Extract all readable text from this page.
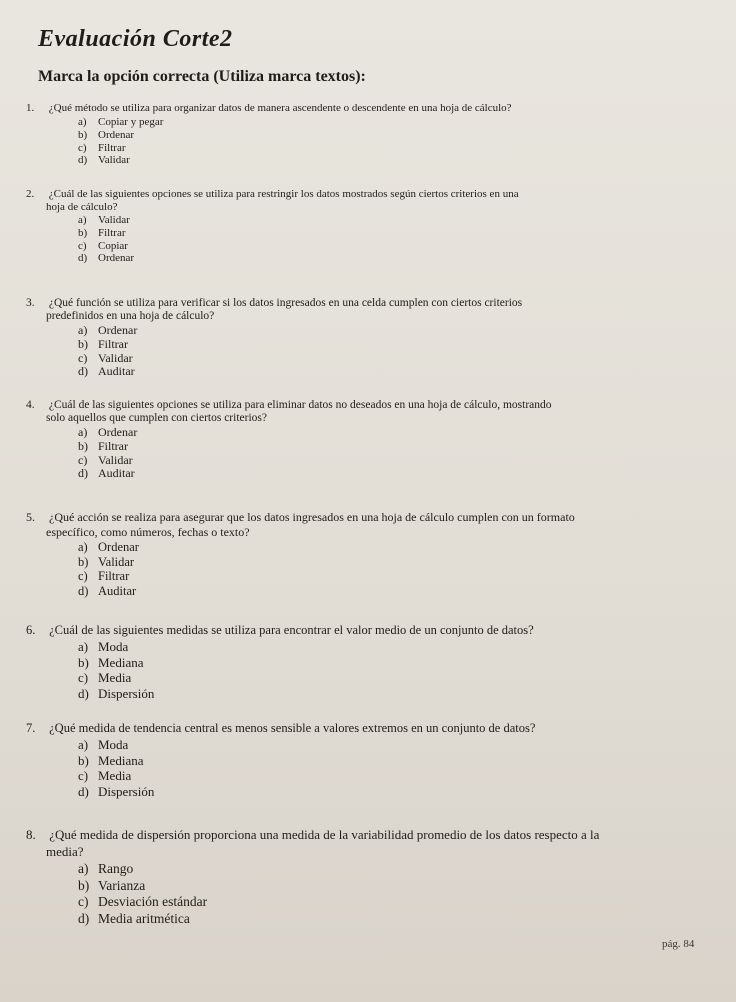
Evaluación Corte2
Marca la opción correcta (Utiliza marca textos):
1. ¿Qué método se utiliza para organizar datos de manera ascendente o descendente en una hoja de cálculo?
a) Copiar y pegar
b) Ordenar
c) Filtrar
d) Validar
2. ¿Cuál de las siguientes opciones se utiliza para restringir los datos mostrados según ciertos criterios en una
hoja de cálculo?
a) Validar
b) Filtrar
c) Copiar
d) Ordenar
3. ¿Qué función se utiliza para verificar si los datos ingresados en una celda cumplen con ciertos criterios
predefinidos en una hoja de cálculo?
a) Ordenar
b) Filtrar
c) Validar
d) Auditar
4. ¿Cuál de las siguientes opciones se utiliza para eliminar datos no deseados en una hoja de cálculo, mostrando
solo aquellos que cumplen con ciertos criterios?
a) Ordenar
b) Filtrar
c) Validar
d) Auditar
5. ¿Qué acción se realiza para asegurar que los datos ingresados en una hoja de cálculo cumplen con un formato
específico, como números, fechas o texto?
a) Ordenar
b) Validar
c) Filtrar
d) Auditar
6. ¿Cuál de las siguientes medidas se utiliza para encontrar el valor medio de un conjunto de datos?
a) Moda
b) Mediana
c) Media
d) Dispersión
7. ¿Qué medida de tendencia central es menos sensible a valores extremos en un conjunto de datos?
a) Moda
b) Mediana
c) Media
d) Dispersión
8. ¿Qué medida de dispersión proporciona una medida de la variabilidad promedio de los datos respecto a la
media?
a) Rango
b) Varianza
c) Desviación estándar
d) Media aritmética
pág. 84
